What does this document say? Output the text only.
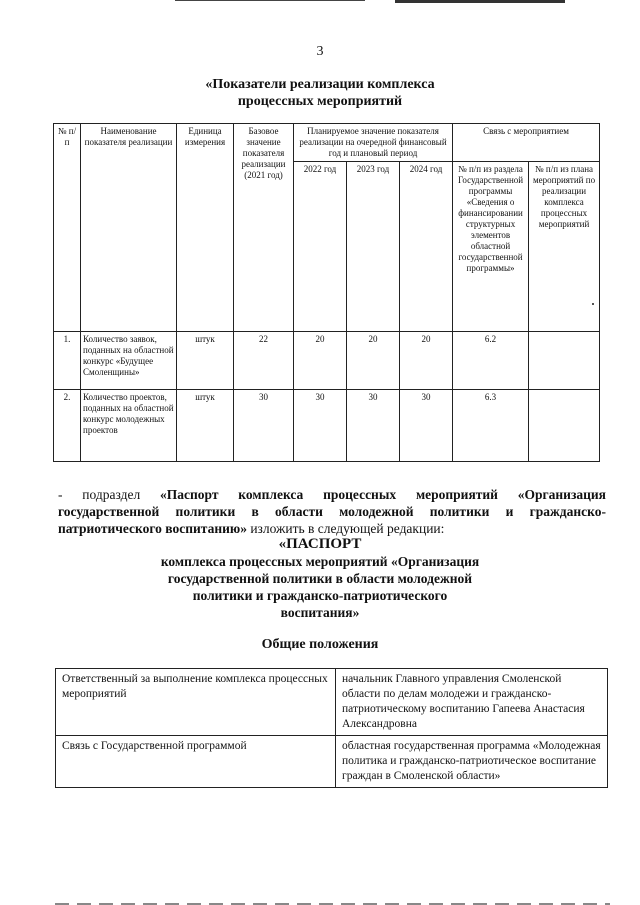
3
«Показатели реализации комплекса
процессных мероприятий
№ п/п	Наименование показателя реализации	Единица измерения	Базовое значение показателя реализации (2021 год)	Планируемое значение показателя реализации на очередной финансовый год и плановый период			Связь с мероприятием	
				2022 год	2023 год	2024 год	№ п/п из раздела Государственной программы «Сведения о финансировании структурных элементов областной государственной программы»	№ п/п из плана мероприятий по реализации комплекса процессных мероприятий
1.	Количество заявок, поданных на областной конкурс «Будущее Смоленщины»	штук	22	20	20	20	6.2	
2.	Количество проектов, поданных на областной конкурс молодежных проектов	штук	30	30	30	30	6.3	
- подраздел «Паспорт комплекса процессных мероприятий «Организация государственной политики в области молодежной политики и гражданско-патриотического воспитанию» изложить в следующей редакции:
«ПАСПОРТ
комплекса процессных мероприятий «Организация
государственной политики в области молодежной
политики и гражданско-патриотического
воспитания»
Общие положения
Ответственный за выполнение комплекса процессных мероприятий	начальник Главного управления Смоленской области по делам молодежи и гражданско-патриотическому воспитанию Гапеева Анастасия Александровна
Связь с Государственной программой	областная государственная программа «Молодежная политика и гражданско-патриотическое воспитание граждан в Смоленской области»
